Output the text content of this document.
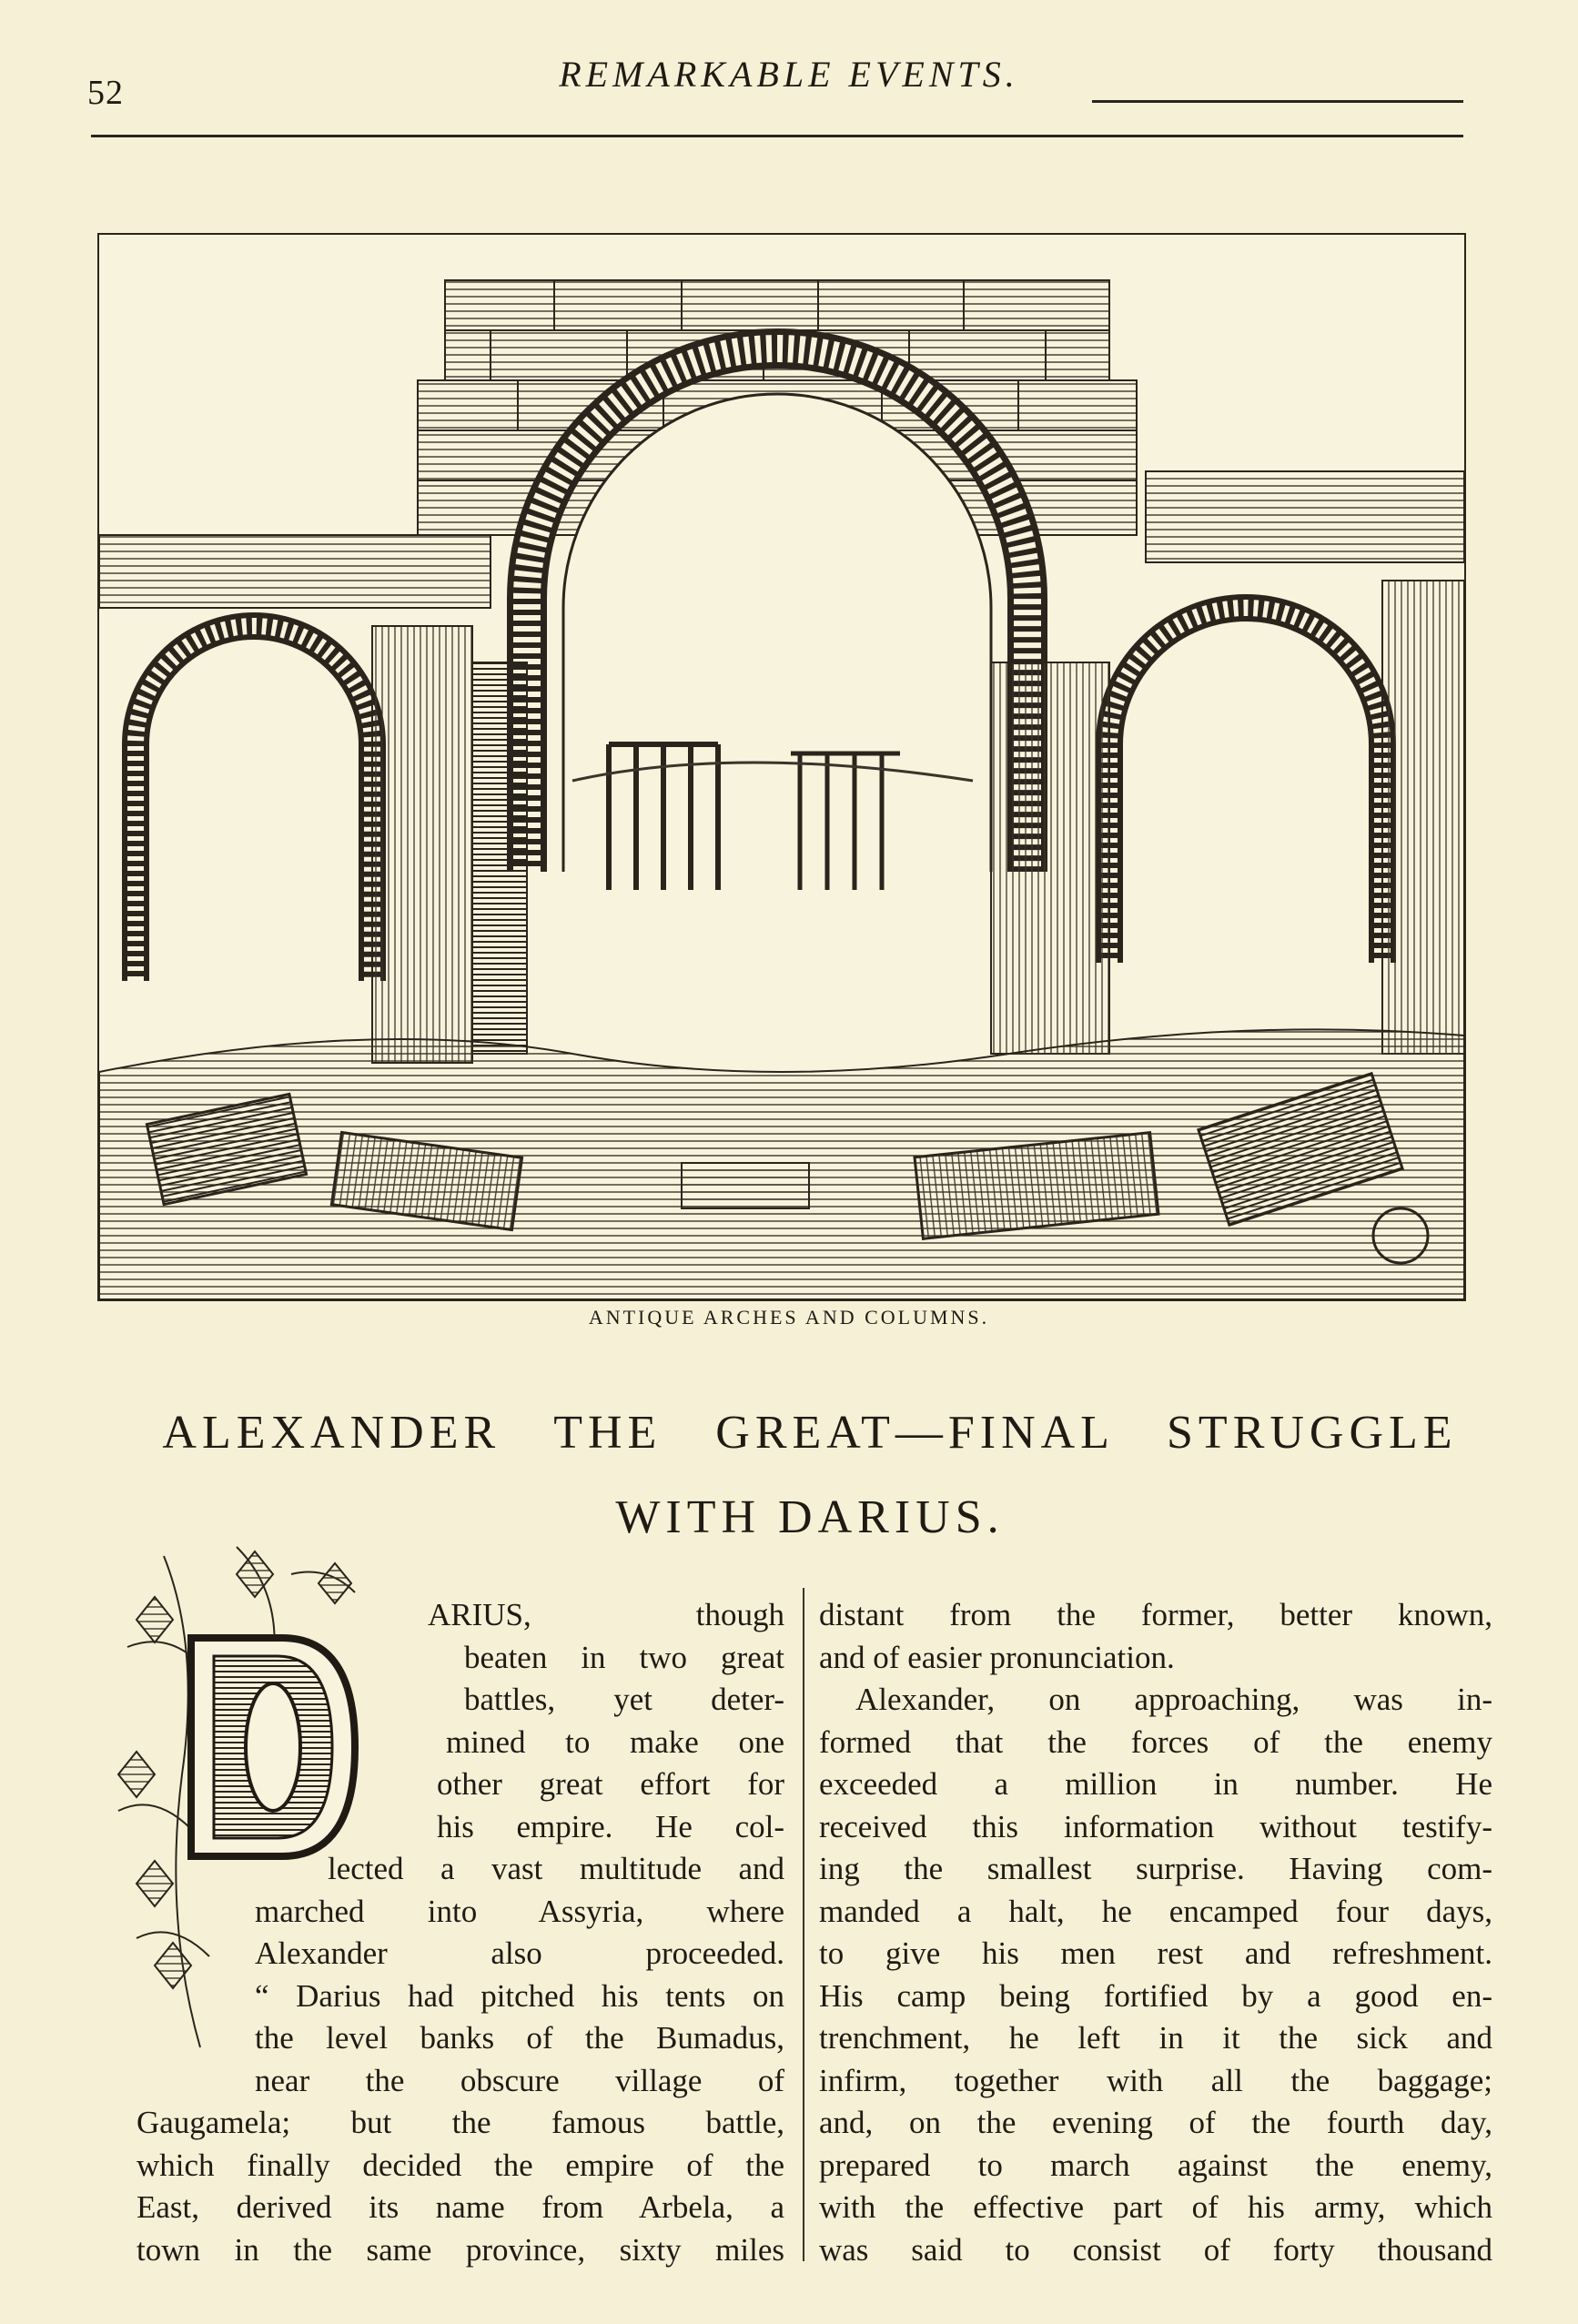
52	REMARKABLE EVENTS.
ANTIQUE ARCHES AND COLUMNS.
ALEXANDER THE GREAT—FINAL STRUGGLE
WITH DARIUS.
ARIUS, though
beaten in two great
battles, yet deter-
mined to make one
other great effort for
his empire. He col-
lected a vast multitude and
marched into Assyria, where
Alexander also proceeded.
“ Darius had pitched his tents on
the level banks of the Bumadus,
near the obscure village of
Gaugamela; but the famous battle,
which finally decided the empire of the
East, derived its name from Arbela, a
town in the same province, sixty miles
distant from the former, better known,
and of easier pronunciation.
Alexander, on approaching, was in-
formed that the forces of the enemy
exceeded a million in number. He
received this information without testify-
ing the smallest surprise. Having com-
manded a halt, he encamped four days,
to give his men rest and refreshment.
His camp being fortified by a good en-
trenchment, he left in it the sick and
infirm, together with all the baggage;
and, on the evening of the fourth day,
prepared to march against the enemy,
with the effective part of his army, which
was said to consist of forty thousand
